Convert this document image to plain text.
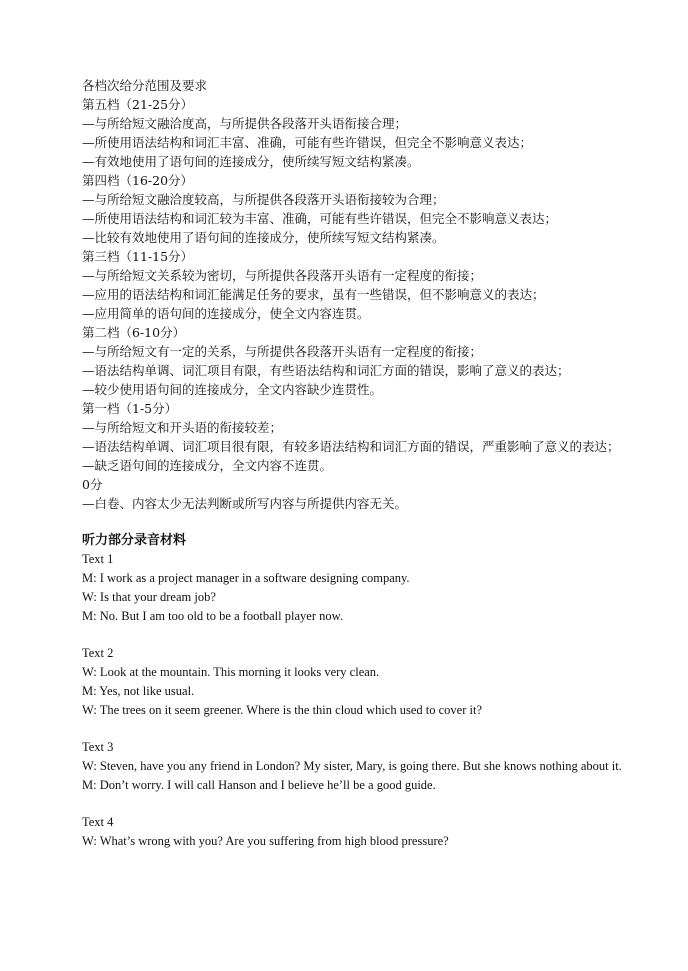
各档次给分范围及要求
第五档（21-25分）
—与所给短文融洽度高，与所提供各段落开头语衔接合理；
—所使用语法结构和词汇丰富、准确，可能有些许错误，但完全不影响意义表达；
—有效地使用了语句间的连接成分，使所续写短文结构紧凑。
第四档（16-20分）
—与所给短文融洽度较高，与所提供各段落开头语衔接较为合理；
—所使用语法结构和词汇较为丰富、准确，可能有些许错误，但完全不影响意义表达；
—比较有效地使用了语句间的连接成分，使所续写短文结构紧凑。
第三档（11-15分）
—与所给短文关系较为密切，与所提供各段落开头语有一定程度的衔接；
—应用的语法结构和词汇能满足任务的要求，虽有一些错误，但不影响意义的表达；
—应用简单的语句间的连接成分，使全文内容连贯。
第二档（6-10分）
—与所给短文有一定的关系，与所提供各段落开头语有一定程度的衔接；
—语法结构单调、词汇项目有限，有些语法结构和词汇方面的错误，影响了意义的表达；
—较少使用语句间的连接成分，全文内容缺少连贯性。
第一档（1-5分）
—与所给短文和开头语的衔接较差；
—语法结构单调、词汇项目很有限，有较多语法结构和词汇方面的错误，严重影响了意义的表达；
—缺乏语句间的连接成分，全文内容不连贯。
0分
—白卷、内容太少无法判断或所写内容与所提供内容无关。
听力部分录音材料
Text 1
M: I work as a project manager in a software designing company.
W: Is that your dream job?
M: No. But I am too old to be a football player now.
Text 2
W: Look at the mountain. This morning it looks very clean.
M: Yes, not like usual.
W: The trees on it seem greener. Where is the thin cloud which used to cover it?
Text 3
W: Steven, have you any friend in London? My sister, Mary, is going there. But she knows nothing about it.
M: Don’t worry. I will call Hanson and I believe he’ll be a good guide.
Text 4
W: What’s wrong with you? Are you suffering from high blood pressure?
